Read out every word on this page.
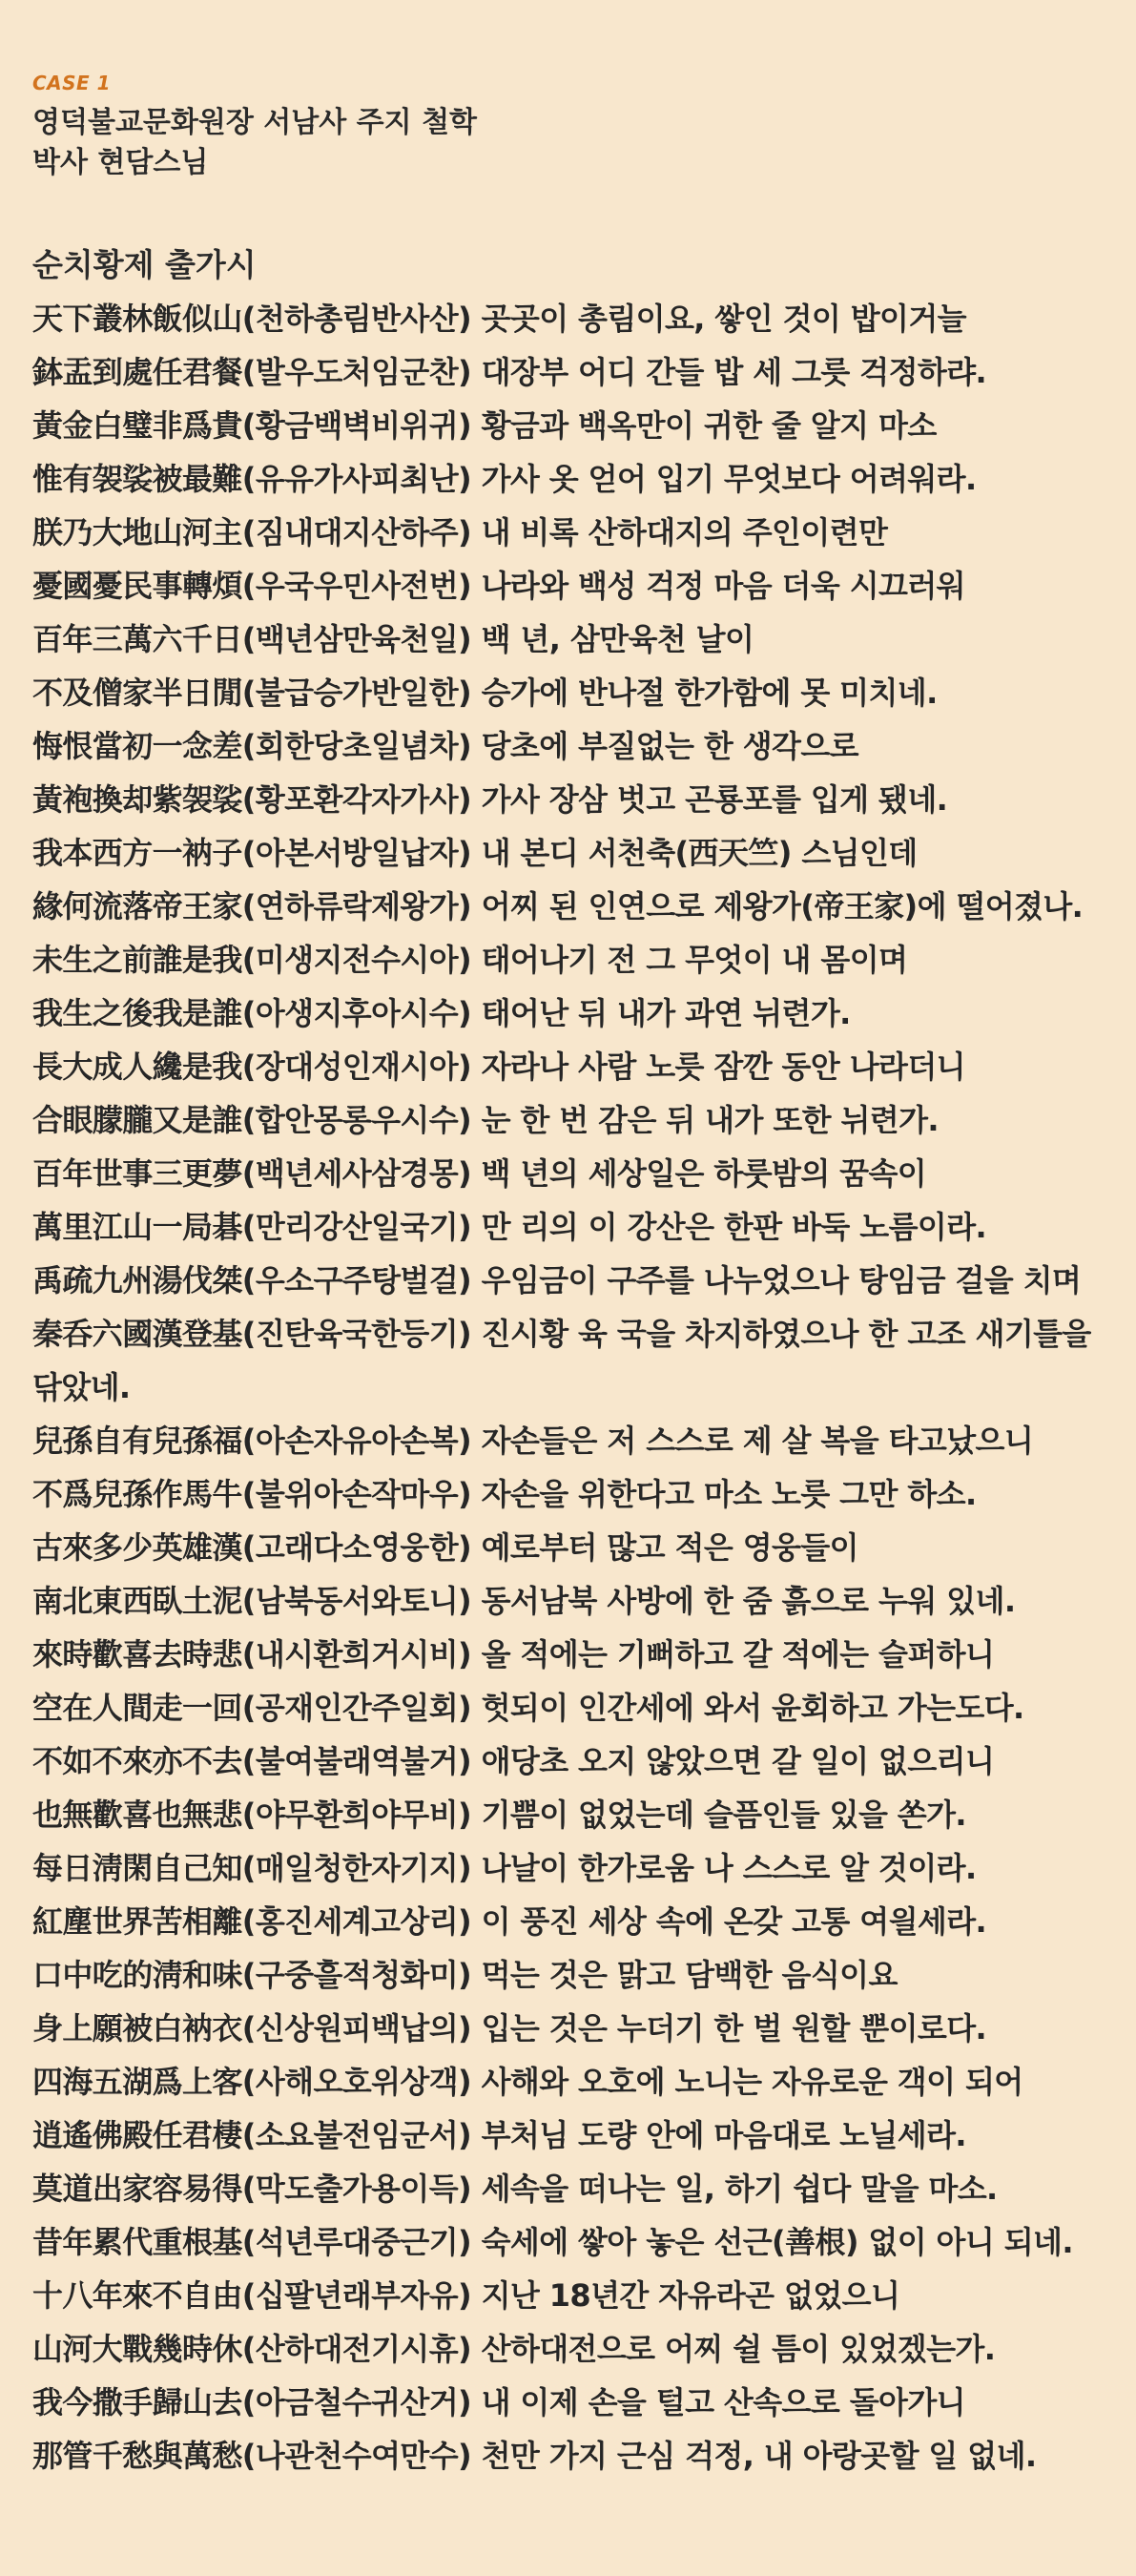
CASE 1
영덕불교문화원장 서남사 주지 철학
박사 현담스님
순치황제 출가시
天下叢林飯似山(천하총림반사산) 곳곳이 총림이요, 쌓인 것이 밥이거늘
鉢盂到處任君餐(발우도처임군찬) 대장부 어디 간들 밥 세 그릇 걱정하랴.
黃金白璧非爲貴(황금백벽비위귀) 황금과 백옥만이 귀한 줄 알지 마소
惟有袈裟被最難(유유가사피최난) 가사 옷 얻어 입기 무엇보다 어려워라.
朕乃大地山河主(짐내대지산하주) 내 비록 산하대지의 주인이련만
憂國憂民事轉煩(우국우민사전번) 나라와 백성 걱정 마음 더욱 시끄러워
百年三萬六千日(백년삼만육천일) 백 년, 삼만육천 날이
不及僧家半日閒(불급승가반일한) 승가에 반나절 한가함에 못 미치네.
悔恨當初一念差(회한당초일념차) 당초에 부질없는 한 생각으로
黃袍換却紫袈裟(황포환각자가사) 가사 장삼 벗고 곤룡포를 입게 됐네.
我本西方一衲子(아본서방일납자) 내 본디 서천축(西天竺) 스님인데
緣何流落帝王家(연하류락제왕가) 어찌 된 인연으로 제왕가(帝王家)에 떨어졌나.
未生之前誰是我(미생지전수시아) 태어나기 전 그 무엇이 내 몸이며
我生之後我是誰(아생지후아시수) 태어난 뒤 내가 과연 뉘련가.
長大成人纔是我(장대성인재시아) 자라나 사람 노릇 잠깐 동안 나라더니
合眼朦朧又是誰(합안몽롱우시수) 눈 한 번 감은 뒤 내가 또한 뉘련가.
百年世事三更夢(백년세사삼경몽) 백 년의 세상일은 하룻밤의 꿈속이
萬里江山一局碁(만리강산일국기) 만 리의 이 강산은 한판 바둑 노름이라.
禹疏九州湯伐桀(우소구주탕벌걸) 우임금이 구주를 나누었으나 탕임금 걸을 치며
秦呑六國漢登基(진탄육국한등기) 진시황 육 국을 차지하였으나 한 고조 새기틀을 닦았네.
兒孫自有兒孫福(아손자유아손복) 자손들은 저 스스로 제 살 복을 타고났으니
不爲兒孫作馬牛(불위아손작마우) 자손을 위한다고 마소 노릇 그만 하소.
古來多少英雄漢(고래다소영웅한) 예로부터 많고 적은 영웅들이
南北東西臥土泥(남북동서와토니) 동서남북 사방에 한 줌 흙으로 누워 있네.
來時歡喜去時悲(내시환희거시비) 올 적에는 기뻐하고 갈 적에는 슬퍼하니
空在人間走一回(공재인간주일회) 헛되이 인간세에 와서 윤회하고 가는도다.
不如不來亦不去(불여불래역불거) 애당초 오지 않았으면 갈 일이 없으리니
也無歡喜也無悲(야무환희야무비) 기쁨이 없었는데 슬픔인들 있을 쏜가.
每日淸閑自己知(매일청한자기지) 나날이 한가로움 나 스스로 알 것이라.
紅塵世界苦相離(홍진세계고상리) 이 풍진 세상 속에 온갖 고통 여읠세라.
口中吃的淸和味(구중흘적청화미) 먹는 것은 맑고 담백한 음식이요
身上願被白衲衣(신상원피백납의) 입는 것은 누더기 한 벌 원할 뿐이로다.
四海五湖爲上客(사해오호위상객) 사해와 오호에 노니는 자유로운 객이 되어
逍遙佛殿任君棲(소요불전임군서) 부처님 도량 안에 마음대로 노닐세라.
莫道出家容易得(막도출가용이득) 세속을 떠나는 일, 하기 쉽다 말을 마소.
昔年累代重根基(석년루대중근기) 숙세에 쌓아 놓은 선근(善根) 없이 아니 되네.
十八年來不自由(십팔년래부자유) 지난 18년간 자유라곤 없었으니
山河大戰幾時休(산하대전기시휴) 산하대전으로 어찌 쉴 틈이 있었겠는가.
我今撒手歸山去(아금철수귀산거) 내 이제 손을 털고 산속으로 돌아가니
那管千愁與萬愁(나관천수여만수) 천만 가지 근심 걱정, 내 아랑곳할 일 없네.
